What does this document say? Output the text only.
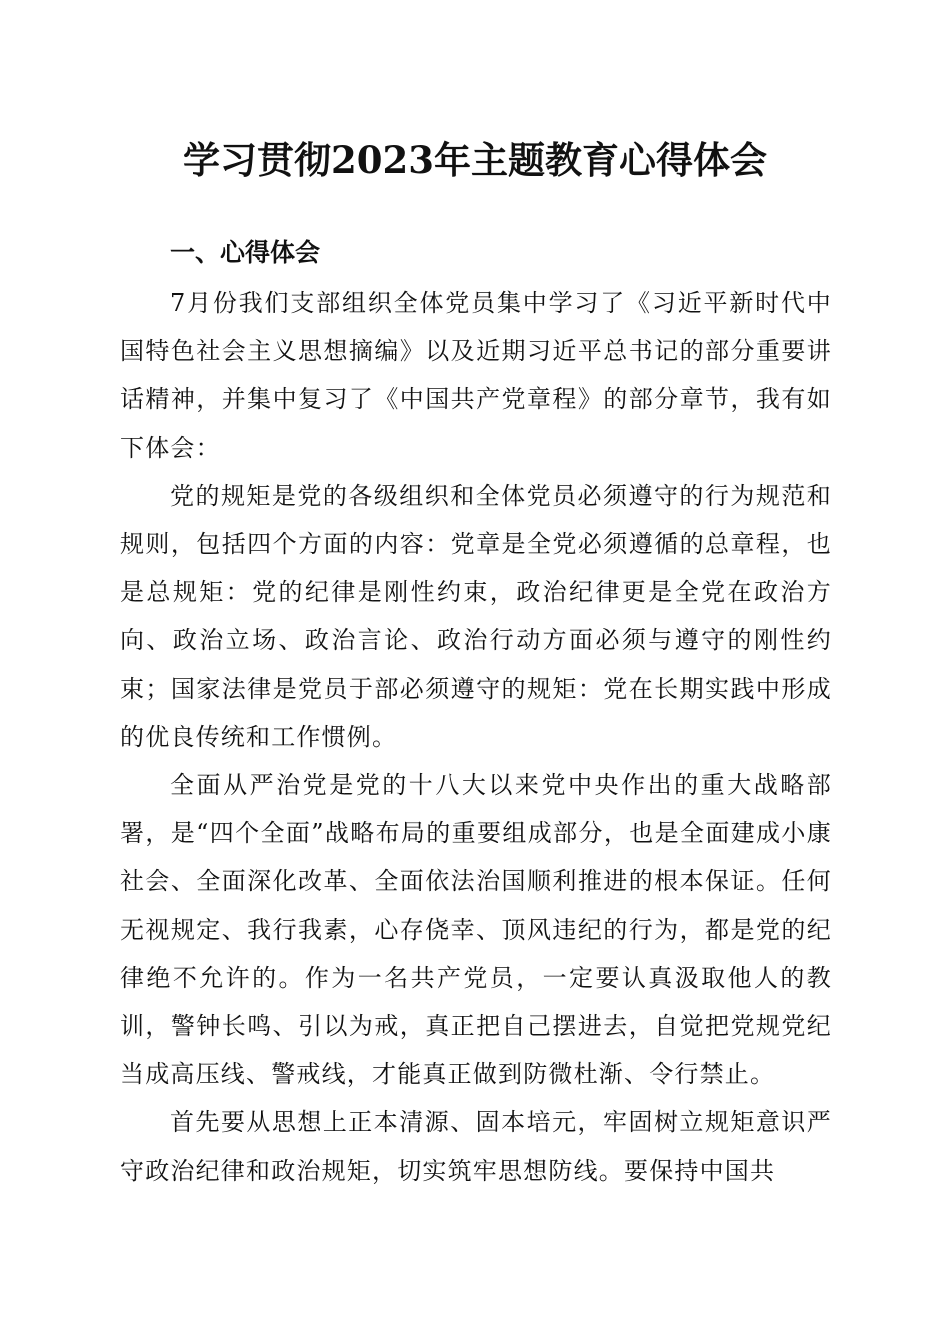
学习贯彻2023年主题教育心得体会
一、心得体会

7月份我们支部组织全体党员集中学习了《习近平新时代中国特色社会主义思想摘编》以及近期习近平总书记的部分重要讲话精神，并集中复习了《中国共产党章程》的部分章节，我有如下体会：

党的规矩是党的各级组织和全体党员必须遵守的行为规范和规则，包括四个方面的内容：党章是全党必须遵循的总章程，也是总规矩：党的纪律是刚性约束，政治纪律更是全党在政治方向、政治立场、政治言论、政治行动方面必须与遵守的刚性约束；国家法律是党员于部必须遵守的规矩：党在长期实践中形成的优良传统和工作惯例。

全面从严治党是党的十八大以来党中央作出的重大战略部署，是“四个全面”战略布局的重要组成部分，也是全面建成小康社会、全面深化改革、全面依法治国顺利推进的根本保证。任何无视规定、我行我素，心存侥幸、顶风违纪的行为，都是党的纪律绝不允许的。作为一名共产党员，一定要认真汲取他人的教训，警钟长鸣、引以为戒，真正把自己摆进去，自觉把党规党纪当成高压线、警戒线，才能真正做到防微杜渐、令行禁止。

首先要从思想上正本清源、固本培元，牢固树立规矩意识严守政治纪律和政治规矩，切实筑牢思想防线。要保持中国共
